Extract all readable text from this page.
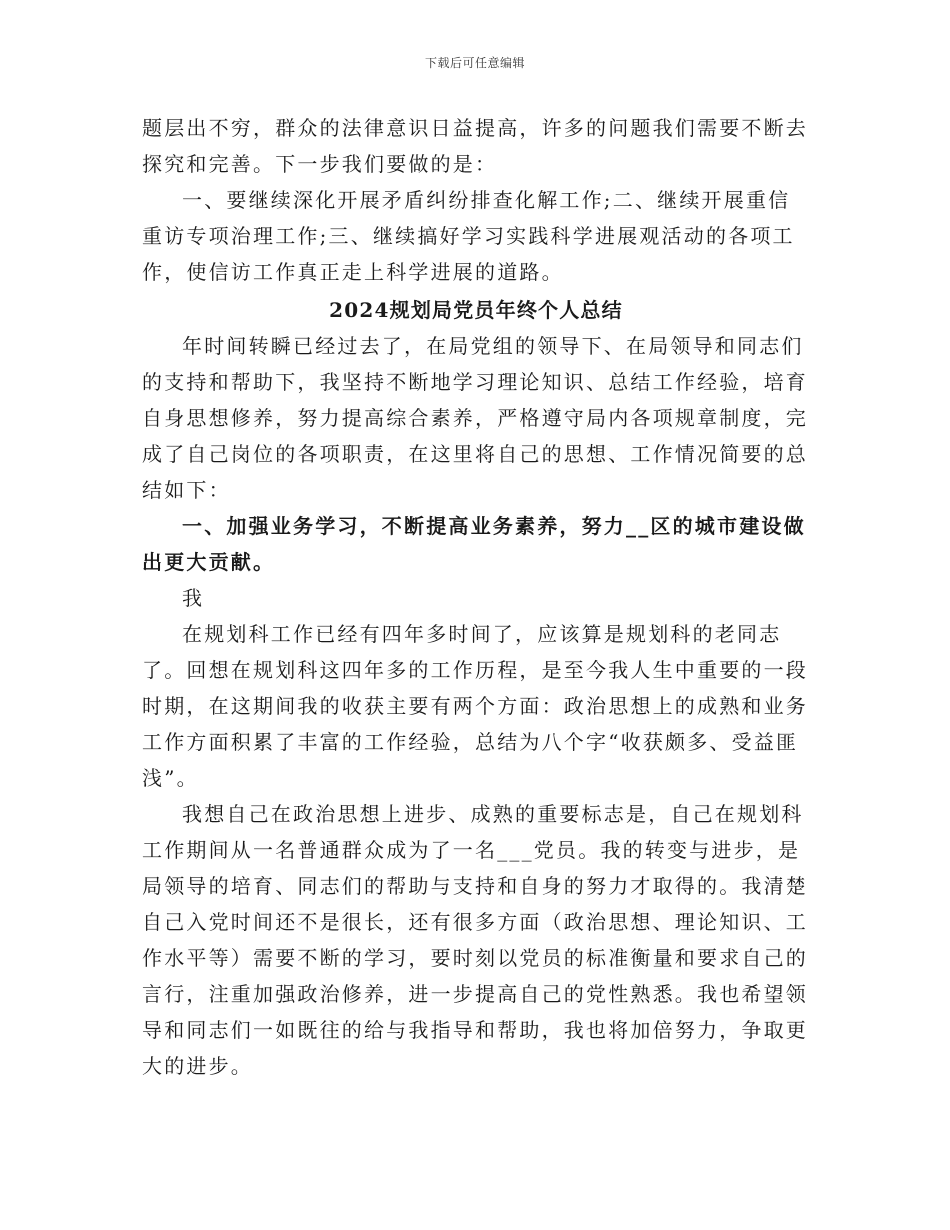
下载后可任意编辑

题层出不穷，群众的法律意识日益提高，许多的问题我们需要不断去探究和完善。下一步我们要做的是：

一、要继续深化开展矛盾纠纷排查化解工作;二、继续开展重信重访专项治理工作;三、继续搞好学习实践科学进展观活动的各项工作，使信访工作真正走上科学进展的道路。

2024规划局党员年终个人总结

年时间转瞬已经过去了，在局党组的领导下、在局领导和同志们的支持和帮助下，我坚持不断地学习理论知识、总结工作经验，培育自身思想修养，努力提高综合素养，严格遵守局内各项规章制度，完成了自己岗位的各项职责，在这里将自己的思想、工作情况简要的总结如下：

一、加强业务学习，不断提高业务素养，努力__区的城市建设做出更大贡献。

我

在规划科工作已经有四年多时间了，应该算是规划科的老同志了。回想在规划科这四年多的工作历程，是至今我人生中重要的一段时期，在这期间我的收获主要有两个方面：政治思想上的成熟和业务工作方面积累了丰富的工作经验，总结为八个字“收获颇多、受益匪浅”。

我想自己在政治思想上进步、成熟的重要标志是，自己在规划科工作期间从一名普通群众成为了一名___党员。我的转变与进步，是局领导的培育、同志们的帮助与支持和自身的努力才取得的。我清楚自己入党时间还不是很长，还有很多方面（政治思想、理论知识、工作水平等）需要不断的学习，要时刻以党员的标准衡量和要求自己的言行，注重加强政治修养，进一步提高自己的党性熟悉。我也希望领导和同志们一如既往的给与我指导和帮助，我也将加倍努力，争取更大的进步。
